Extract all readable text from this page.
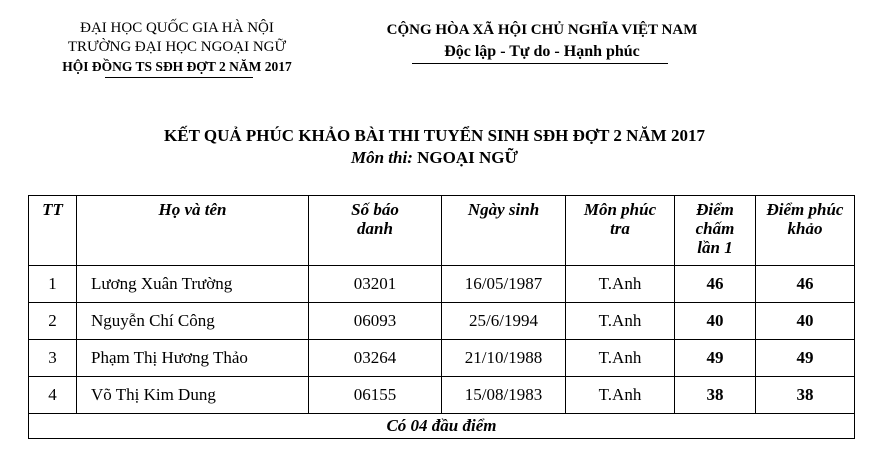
ĐẠI HỌC QUỐC GIA HÀ NỘI
TRƯỜNG ĐẠI HỌC NGOẠI NGỮ
HỘI ĐỒNG TS SĐH ĐỢT 2 NĂM 2017
CỘNG HÒA XÃ HỘI CHỦ NGHĨA VIỆT NAM
Độc lập - Tự do - Hạnh phúc
KẾT QUẢ PHÚC KHẢO BÀI THI TUYỂN SINH SĐH ĐỢT 2 NĂM 2017
Môn thi: NGOẠI NGỮ
TT	Họ và tên	Số báo danh	Ngày sinh	Môn phúc tra	Điểm chấm lần 1	Điểm phúc khảo

1	Lương Xuân Trường	03201	16/05/1987	T.Anh	46	46
2	Nguyễn Chí Công	06093	25/6/1994	T.Anh	40	40
3	Phạm Thị Hương Thảo	03264	21/10/1988	T.Anh	49	49
4	Võ Thị Kim Dung	06155	15/08/1983	T.Anh	38	38
Có 04 đầu điểm						
